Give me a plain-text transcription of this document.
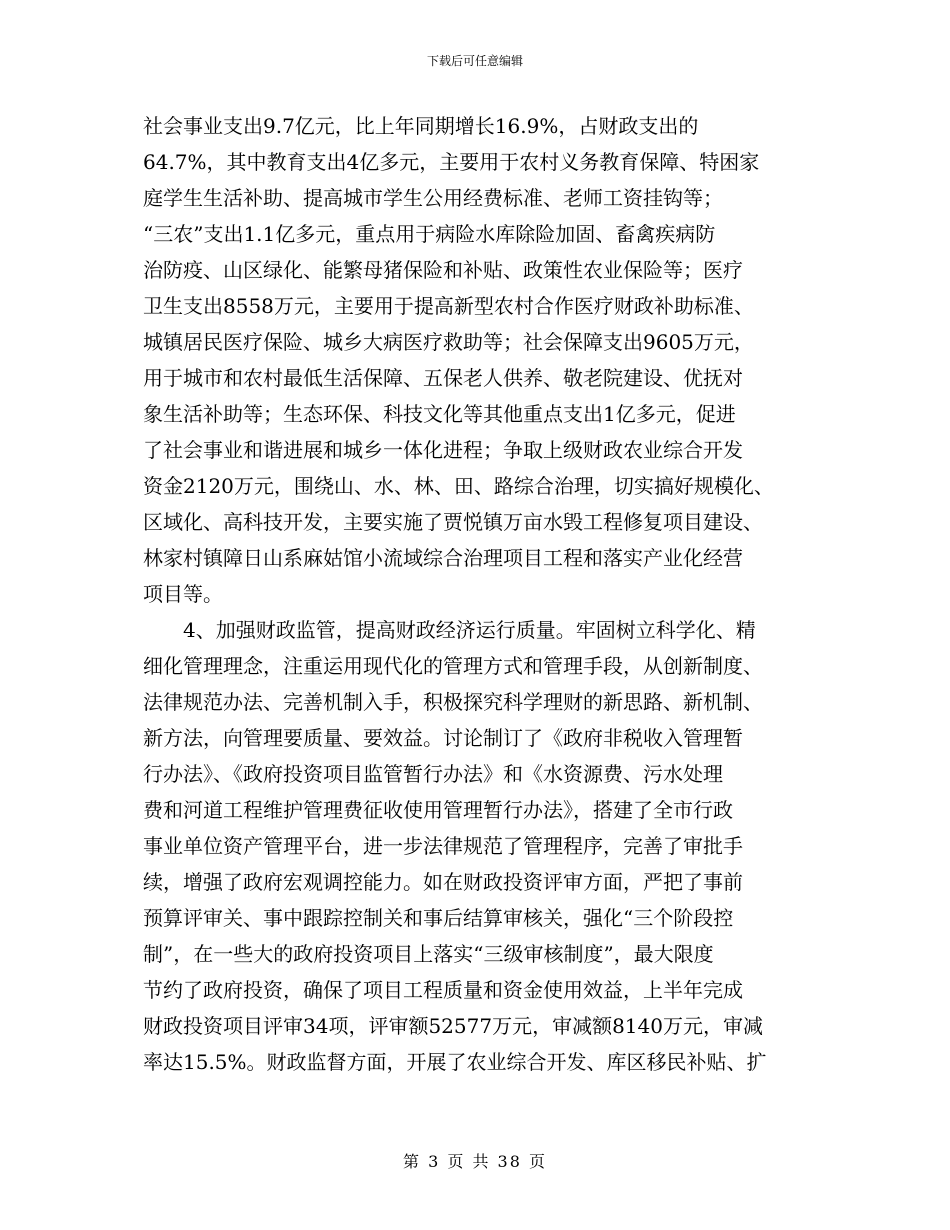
下载后可任意编辑
社会事业支出9.7亿元，比上年同期增长16.9%，占财政支出的
64.7%，其中教育支出4亿多元，主要用于农村义务教育保障、特困家
庭学生生活补助、提高城市学生公用经费标准、老师工资挂钩等；
“三农”支出1.1亿多元，重点用于病险水库除险加固、畜禽疾病防
治防疫、山区绿化、能繁母猪保险和补贴、政策性农业保险等；医疗
卫生支出8558万元，主要用于提高新型农村合作医疗财政补助标准、
城镇居民医疗保险、城乡大病医疗救助等；社会保障支出9605万元，
用于城市和农村最低生活保障、五保老人供养、敬老院建设、优抚对
象生活补助等；生态环保、科技文化等其他重点支出1亿多元，促进
了社会事业和谐进展和城乡一体化进程；争取上级财政农业综合开发
资金2120万元，围绕山、水、林、田、路综合治理，切实搞好规模化、
区域化、高科技开发，主要实施了贾悦镇万亩水毁工程修复项目建设、
林家村镇障日山系麻姑馆小流域综合治理项目工程和落实产业化经营
项目等。
4、加强财政监管，提高财政经济运行质量。牢固树立科学化、精
细化管理理念，注重运用现代化的管理方式和管理手段，从创新制度、
法律规范办法、完善机制入手，积极探究科学理财的新思路、新机制、
新方法，向管理要质量、要效益。讨论制订了《政府非税收入管理暂
行办法》、《政府投资项目监管暂行办法》和《水资源费、污水处理
费和河道工程维护管理费征收使用管理暂行办法》，搭建了全市行政
事业单位资产管理平台，进一步法律规范了管理程序，完善了审批手
续，增强了政府宏观调控能力。如在财政投资评审方面，严把了事前
预算评审关、事中跟踪控制关和事后结算审核关，强化“三个阶段控
制”，在一些大的政府投资项目上落实“三级审核制度”，最大限度
节约了政府投资，确保了项目工程质量和资金使用效益，上半年完成
财政投资项目评审34项，评审额52577万元，审减额8140万元，审减
率达15.5%。财政监督方面，开展了农业综合开发、库区移民补贴、扩
第 3 页 共 38 页
